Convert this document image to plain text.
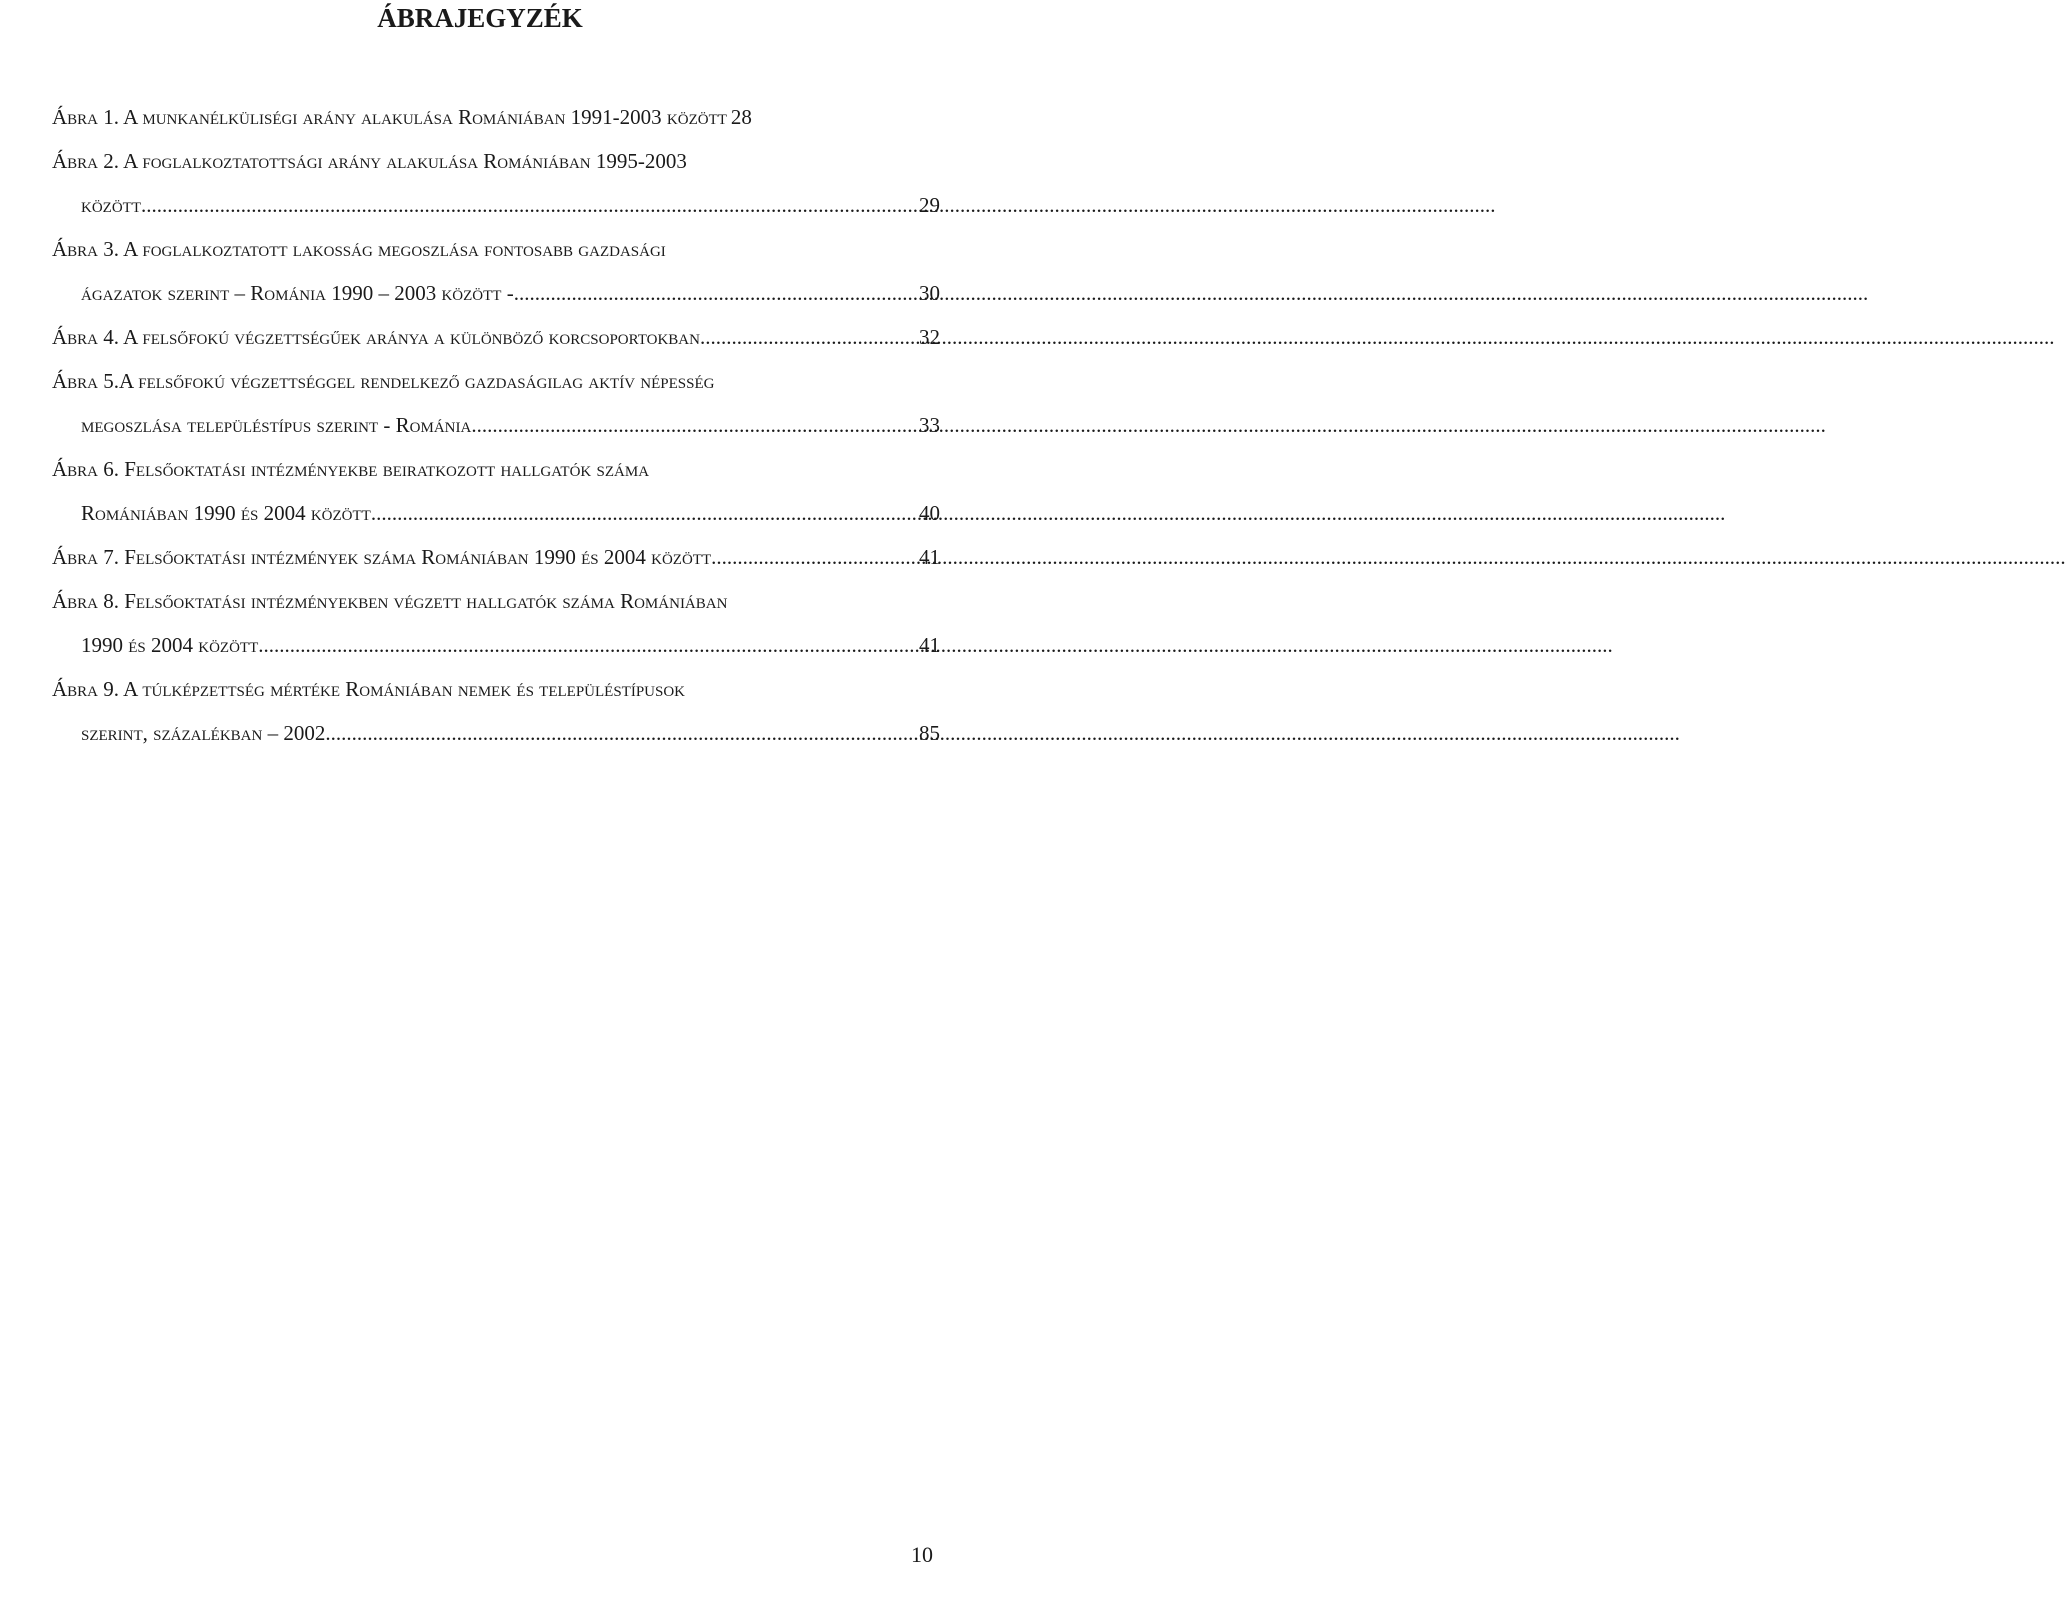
ÁBRAJEGYZÉK
Ábra 1. A munkanélküliségi arány alakulása Romániában 1991-2003 között 28
Ábra 2. A foglalkoztatottsági arány alakulása Romániában 1995-2003
között .....	29
Ábra 3. A foglalkoztatott lakosság megoszlása fontosabb gazdasági
ágazatok szerint – Románia 1990 – 2003 között - .....	30
Ábra 4. A felsőfokú végzettségűek aránya a különböző korcsoportokban .....	32
Ábra 5.A felsőfokú végzettséggel rendelkező gazdaságilag aktív népesség
megoszlása településtípus szerint - Románia .....	33
Ábra 6. Felsőoktatási intézményekbe beiratkozott hallgatók száma
Romániában 1990 és 2004 között .....	40
Ábra 7. Felsőoktatási intézmények száma Romániában 1990 és 2004 között .....	41
Ábra 8. Felsőoktatási intézményekben végzett hallgatók száma Romániában
1990 és 2004 között .....	41
Ábra 9. A túlképzettség mértéke Romániában nemek és településtípusok
szerint, százalékban – 2002 .....	85
10
